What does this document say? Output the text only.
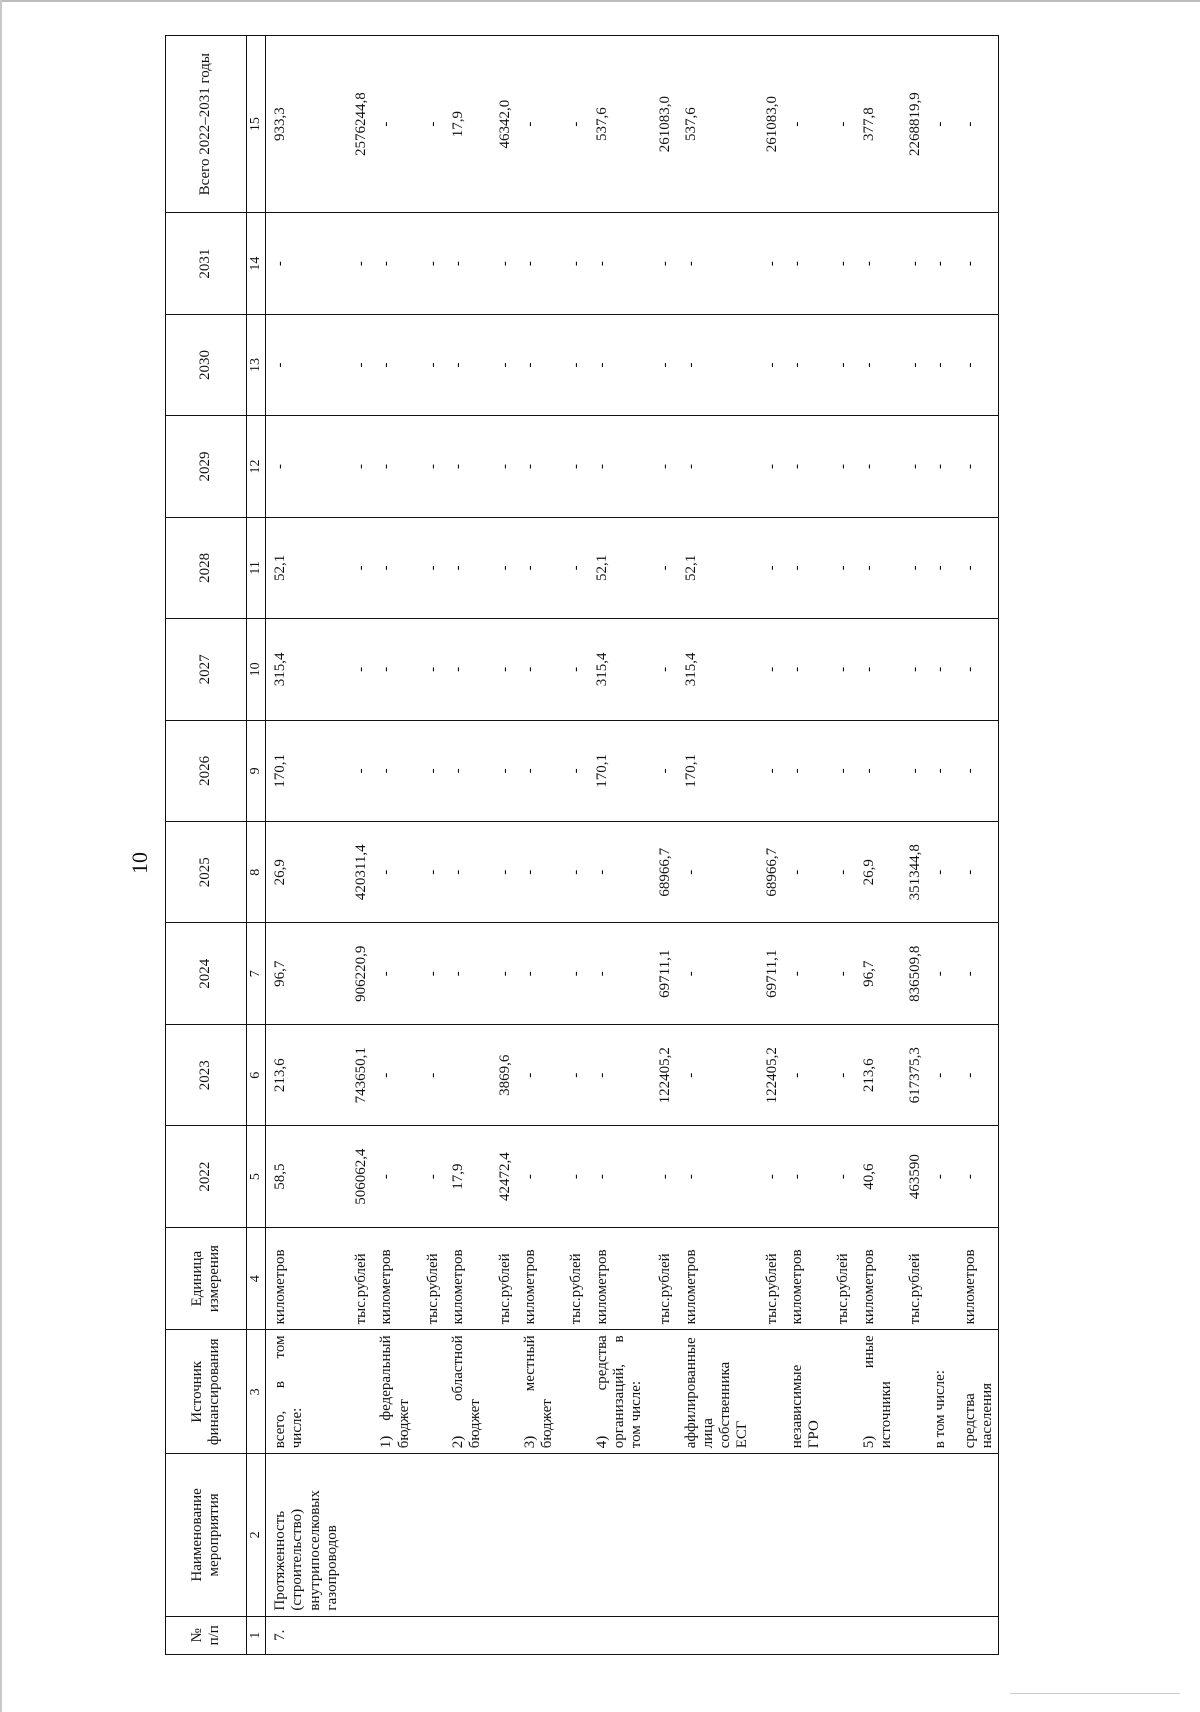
10
№ п/п	Наименование мероприятия	Источник финансирования	Единица измерения	2022	2023	2024	2025	2026	2027	2028	2029	2030	2031	Всего 2022–2031 годы
1	2	3	4	5	6	7	8	9	10	11	12	13	14	15
7.	Протяженность (строительство) внутрипоселковых газопроводов	всего, в том числе:	километров	58,5	213,6	96,7	26,9	170,1	315,4	52,1	-	-	-	933,3
			тыс.рублей	506062,4	743650,1	906220,9	420311,4	-	-	-	-	-	-	2576244,8
		1) федеральный бюджет	километров	-	-	-	-	-	-	-	-	-	-	-
			тыс.рублей	-	-	-	-	-	-	-	-	-	-	-
		2) областной бюджет	километров	17,9		-	-	-	-	-	-	-	-	17,9
			тыс.рублей	42472,4	3869,6	-	-	-	-	-	-	-	-	46342,0
		3) местный бюджет	километров	-	-	-	-	-	-	-	-	-	-	-
			тыс.рублей	-	-	-	-	-	-	-	-	-	-	-
		4) средства организаций, в том числе:	километров	-	-	-	-	170,1	315,4	52,1	-	-	-	537,6
			тыс.рублей	-	122405,2	69711,1	68966,7	-	-	-	-	-	-	261083,0
		аффилированные лица собственника ЕСГ	километров	-	-	-	-	170,1	315,4	52,1	-	-	-	537,6
			тыс.рублей	-	122405,2	69711,1	68966,7	-	-	-	-	-	-	261083,0
		независимые ГРО	километров	-	-	-	-	-	-	-	-	-	-	-
			тыс.рублей	-	-	-	-	-	-	-	-	-	-	-
		5) иные источники	километров	40,6	213,6	96,7	26,9	-	-	-	-	-	-	377,8
			тыс.рублей	463590	617375,3	836509,8	351344,8	-	-	-	-	-	-	2268819,9
		в том числе:		-	-	-	-	-	-	-	-	-	-	-
		средства населения	километров	-	-	-	-	-	-	-	-	-	-	-
